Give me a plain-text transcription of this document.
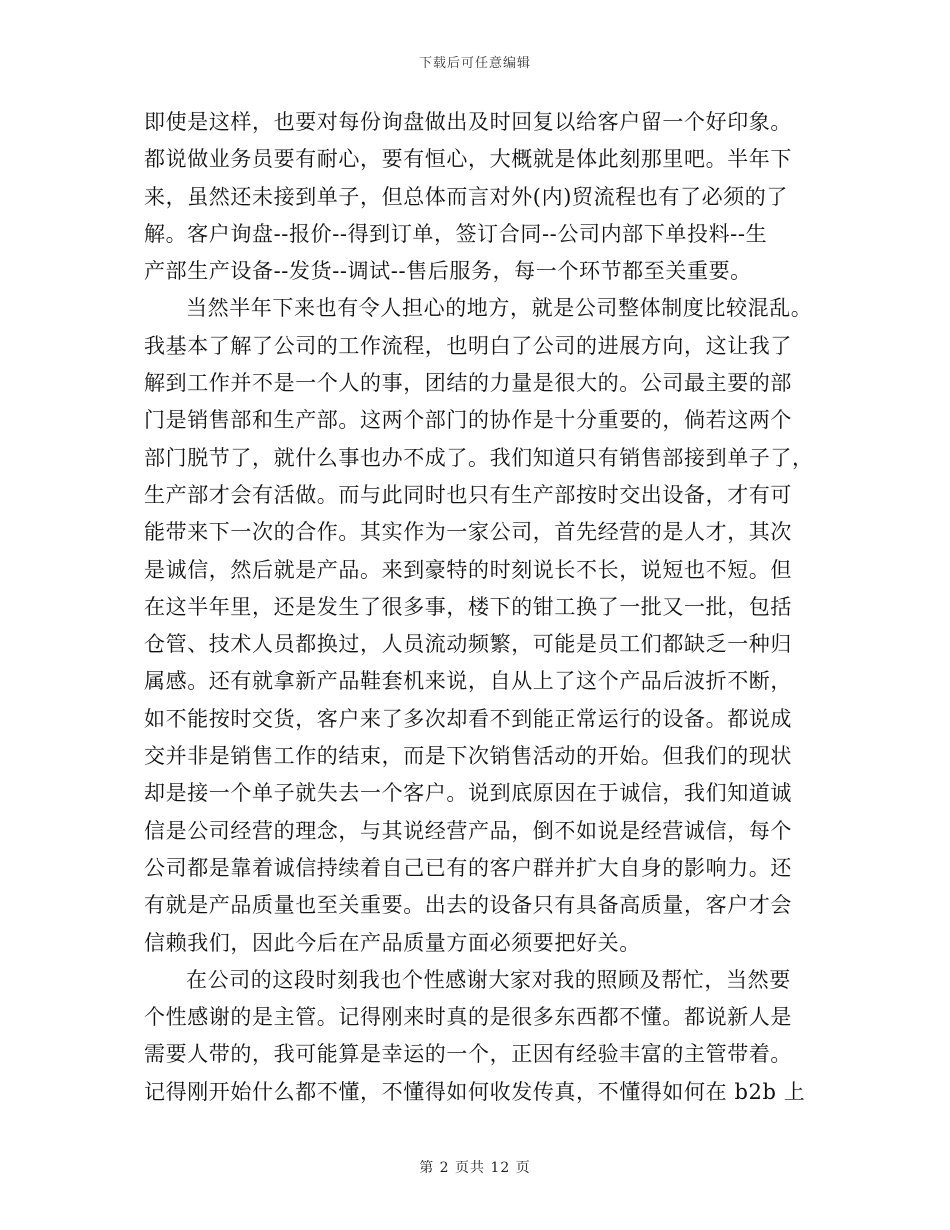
下载后可任意编辑
即使是这样，也要对每份询盘做出及时回复以给客户留一个好印象。
都说做业务员要有耐心，要有恒心，大概就是体此刻那里吧。半年下
来，虽然还未接到单子，但总体而言对外(内)贸流程也有了必须的了
解。客户询盘--报价--得到订单，签订合同--公司内部下单投料--生
产部生产设备--发货--调试--售后服务，每一个环节都至关重要。
当然半年下来也有令人担心的地方，就是公司整体制度比较混乱。
我基本了解了公司的工作流程，也明白了公司的进展方向，这让我了
解到工作并不是一个人的事，团结的力量是很大的。公司最主要的部
门是销售部和生产部。这两个部门的协作是十分重要的，倘若这两个
部门脱节了，就什么事也办不成了。我们知道只有销售部接到单子了，
生产部才会有活做。而与此同时也只有生产部按时交出设备，才有可
能带来下一次的合作。其实作为一家公司，首先经营的是人才，其次
是诚信，然后就是产品。来到豪特的时刻说长不长，说短也不短。但
在这半年里，还是发生了很多事，楼下的钳工换了一批又一批，包括
仓管、技术人员都换过，人员流动频繁，可能是员工们都缺乏一种归
属感。还有就拿新产品鞋套机来说，自从上了这个产品后波折不断，
如不能按时交货，客户来了多次却看不到能正常运行的设备。都说成
交并非是销售工作的结束，而是下次销售活动的开始。但我们的现状
却是接一个单子就失去一个客户。说到底原因在于诚信，我们知道诚
信是公司经营的理念，与其说经营产品，倒不如说是经营诚信，每个
公司都是靠着诚信持续着自己已有的客户群并扩大自身的影响力。还
有就是产品质量也至关重要。出去的设备只有具备高质量，客户才会
信赖我们，因此今后在产品质量方面必须要把好关。
在公司的这段时刻我也个性感谢大家对我的照顾及帮忙，当然要
个性感谢的是主管。记得刚来时真的是很多东西都不懂。都说新人是
需要人带的，我可能算是幸运的一个，正因有经验丰富的主管带着。
记得刚开始什么都不懂，不懂得如何收发传真，不懂得如何在 b2b 上
第 2 页共 12 页
